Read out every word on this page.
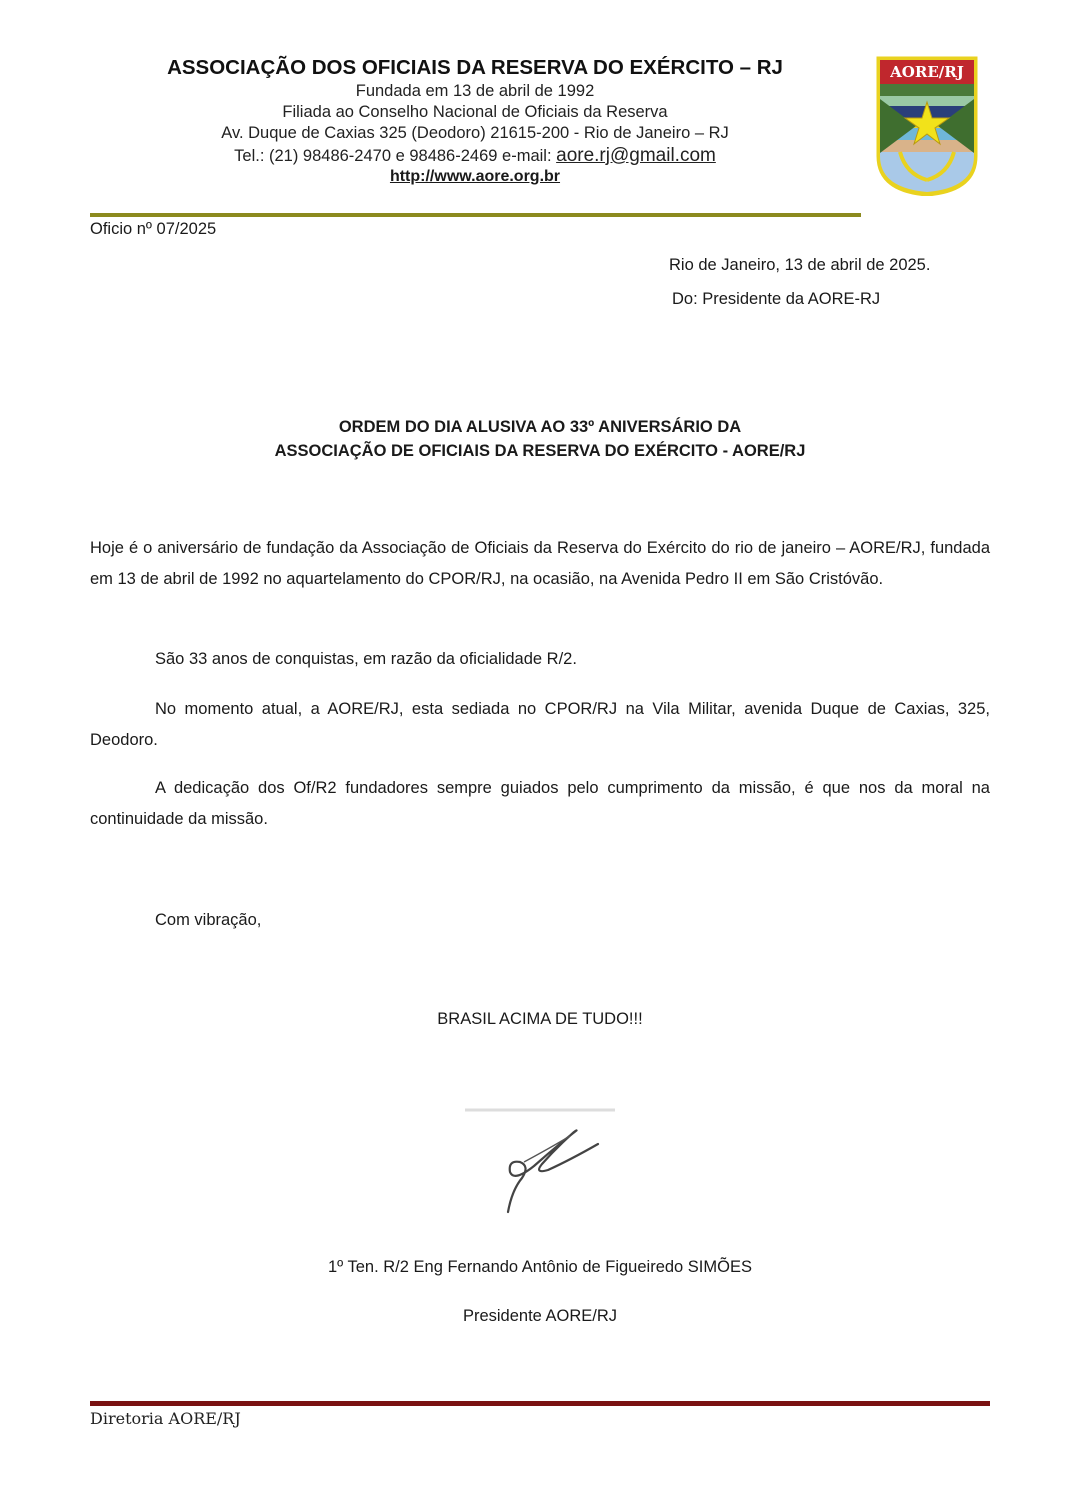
ASSOCIAÇÃO DOS OFICIAIS DA RESERVA DO EXÉRCITO – RJ
Fundada em 13 de abril de 1992
Filiada ao Conselho Nacional de Oficiais da Reserva
Av. Duque de Caxias 325 (Deodoro) 21615-200 - Rio de Janeiro – RJ
Tel.: (21) 98486-2470 e 98486-2469 e-mail: aore.rj@gmail.com
http://www.aore.org.br
AORE/RJ
Oficio nº 07/2025
Rio de Janeiro, 13 de abril de 2025.
Do: Presidente da AORE-RJ
ORDEM DO DIA ALUSIVA AO 33º ANIVERSÁRIO DA
ASSOCIAÇÃO DE OFICIAIS DA RESERVA DO EXÉRCITO - AORE/RJ

Hoje é o aniversário de fundação da Associação de Oficiais da Reserva do Exército do rio de janeiro – AORE/RJ, fundada em 13 de abril de 1992 no aquartelamento do CPOR/RJ, na ocasião, na Avenida Pedro II em São Cristóvão.

São 33 anos de conquistas, em razão da oficialidade R/2.

No momento atual, a AORE/RJ, esta sediada no CPOR/RJ na Vila Militar, avenida Duque de Caxias, 325, Deodoro.

A dedicação dos Of/R2 fundadores sempre guiados pelo cumprimento da missão, é que nos da moral na continuidade da missão.

Com vibração,
BRASIL ACIMA DE TUDO!!!
1º Ten. R/2 Eng Fernando Antônio de Figueiredo SIMÕES
Presidente AORE/RJ
Diretoria AORE/RJ
